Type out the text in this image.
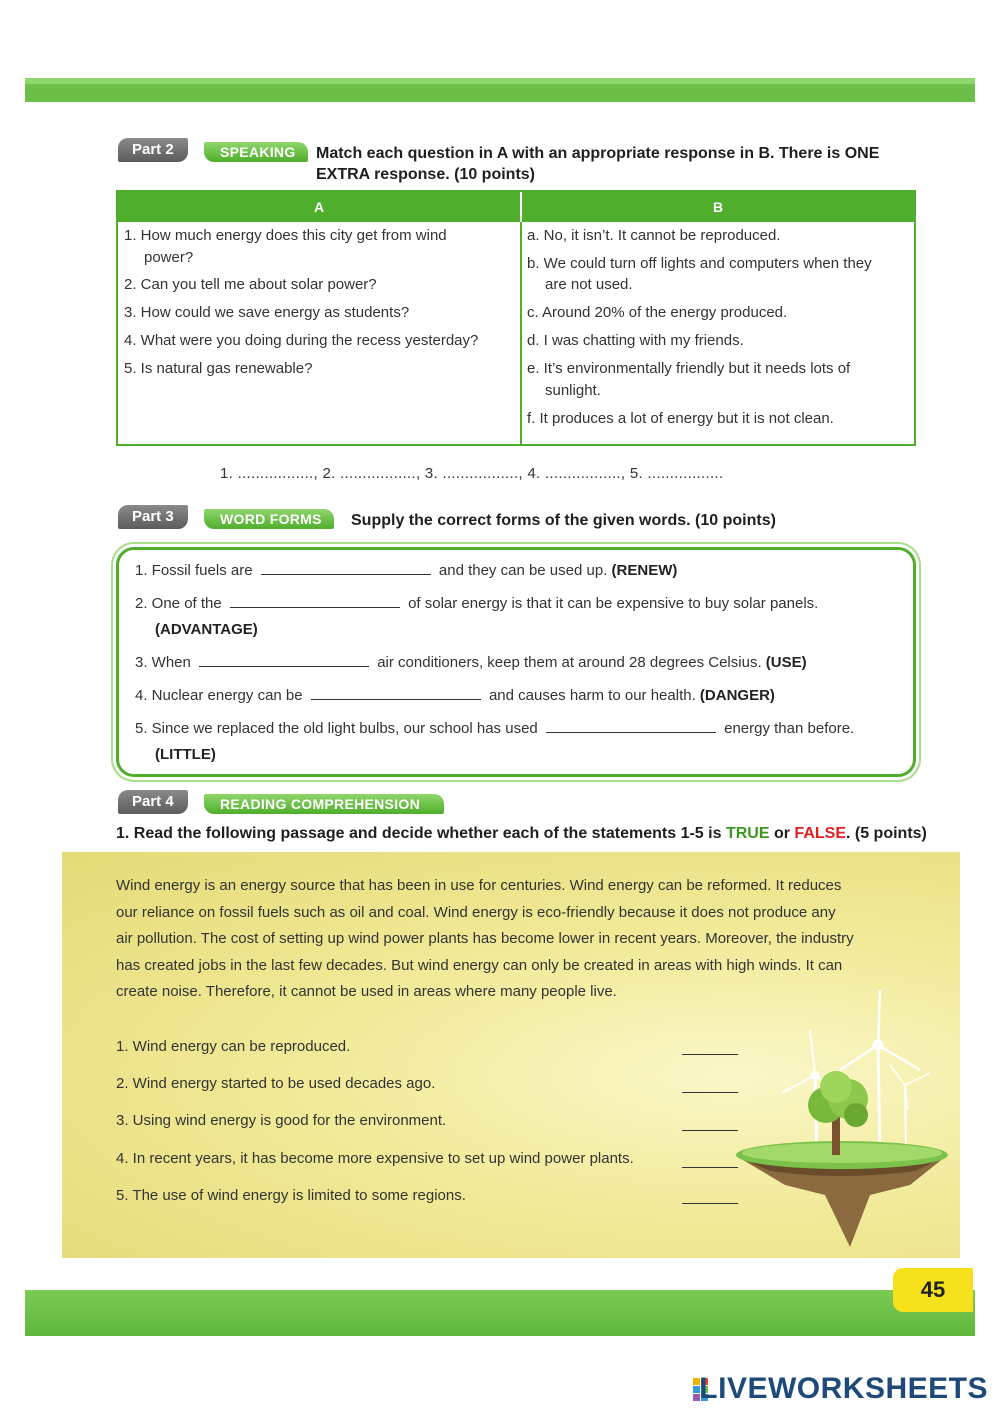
Part 2	SPEAKING	Match each question in A with an appropriate response in B. There is ONE
EXTRA response. (10 points)
A	B
1. How much energy does this city get from wind
power?
2. Can you tell me about solar power?
3. How could we save energy as students?
4. What were you doing during the recess yesterday?
5. Is natural gas renewable?
a. No, it isn’t. It cannot be reproduced.
b. We could turn off lights and computers when they
are not used.
c. Around 20% of the energy produced.
d. I was chatting with my friends.
e. It’s environmentally friendly but it needs lots of
sunlight.
f. It produces a lot of energy but it is not clean.
1. ................., 2. ................., 3. ................., 4. ................., 5. .................
Part 3	WORD FORMS	Supply the correct forms of the given words. (10 points)
1. Fossil fuels are	and they can be used up. (RENEW)
2. One of the	of solar energy is that it can be expensive to buy solar panels.
(ADVANTAGE)
3. When	air conditioners, keep them at around 28 degrees Celsius. (USE)
4. Nuclear energy can be	and causes harm to our health. (DANGER)
5. Since we replaced the old light bulbs, our school has used	energy than before.
(LITTLE)
Part 4	READING COMPREHENSION
1. Read the following passage and decide whether each of the statements 1-5 is TRUE or FALSE. (5 points)
Wind energy is an energy source that has been in use for centuries. Wind energy can be reformed. It reduces
our reliance on fossil fuels such as oil and coal. Wind energy is eco-friendly because it does not produce any
air pollution. The cost of setting up wind power plants has become lower in recent years. Moreover, the industry
has created jobs in the last few decades. But wind energy can only be created in areas with high winds. It can
create noise. Therefore, it cannot be used in areas where many people live.
1. Wind energy can be reproduced.
2. Wind energy started to be used decades ago.
3. Using wind energy is good for the environment.
4. In recent years, it has become more expensive to set up wind power plants.
5. The use of wind energy is limited to some regions.
45
LIVEWORKSHEETS
